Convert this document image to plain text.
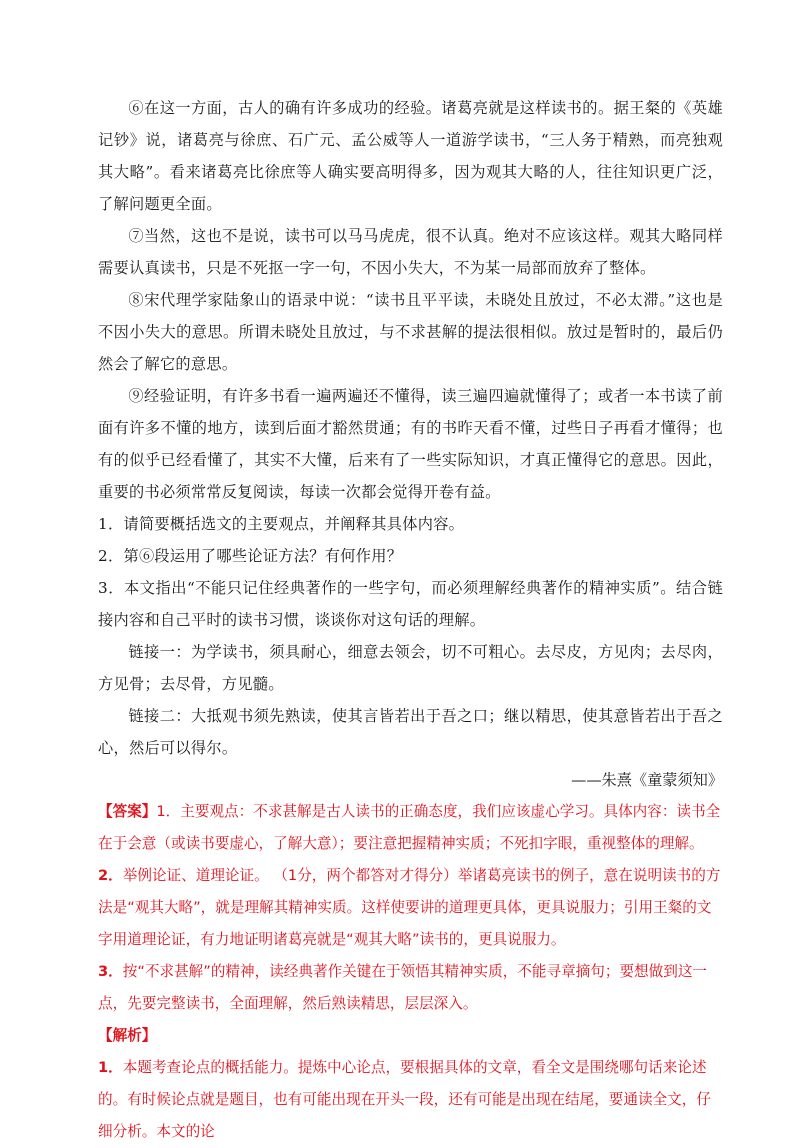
⑥在这一方面，古人的确有许多成功的经验。诸葛亮就是这样读书的。据王粲的《英雄记钞》说，诸葛亮与徐庶、石广元、孟公威等人一道游学读书，“三人务于精熟，而亮独观其大略”。看来诸葛亮比徐庶等人确实要高明得多，因为观其大略的人，往往知识更广泛，了解问题更全面。

⑦当然，这也不是说，读书可以马马虎虎，很不认真。绝对不应该这样。观其大略同样需要认真读书，只是不死抠一字一句，不因小失大，不为某一局部而放弃了整体。

⑧宋代理学家陆象山的语录中说：“读书且平平读，未晓处且放过，不必太滞。”这也是不因小失大的意思。所谓未晓处且放过，与不求甚解的提法很相似。放过是暂时的，最后仍然会了解它的意思。

⑨经验证明，有许多书看一遍两遍还不懂得，读三遍四遍就懂得了；或者一本书读了前面有许多不懂的地方，读到后面才豁然贯通；有的书昨天看不懂，过些日子再看才懂得；也有的似乎已经看懂了，其实不大懂，后来有了一些实际知识，才真正懂得它的意思。因此，重要的书必须常常反复阅读，每读一次都会觉得开卷有益。

1．请简要概括选文的主要观点，并阐释其具体内容。

2．第⑥段运用了哪些论证方法？有何作用？

3．本文指出“不能只记住经典著作的一些字句，而必须理解经典著作的精神实质”。结合链接内容和自己平时的读书习惯，谈谈你对这句话的理解。

链接一：为学读书，须具耐心，细意去领会，切不可粗心。去尽皮，方见肉；去尽肉，方见骨；去尽骨，方见髓。

链接二：大抵观书须先熟读，使其言皆若出于吾之口；继以精思，使其意皆若出于吾之心，然后可以得尔。

——朱熹《童蒙须知》

【答案】1．主要观点：不求甚解是古人读书的正确态度，我们应该虚心学习。具体内容：读书全在于会意（或读书要虚心，了解大意）；要注意把握精神实质；不死扣字眼，重视整体的理解。

2．举例论证、道理论证。 （1分，两个都答对才得分）举诸葛亮读书的例子，意在说明读书的方法是“观其大略”，就是理解其精神实质。这样使要讲的道理更具体，更具说服力；引用王粲的文字用道理论证，有力地证明诸葛亮就是“观其大略”读书的，更具说服力。

3．按“不求甚解”的精神，读经典著作关键在于领悟其精神实质，不能寻章摘句；要想做到这一点，先要完整读书，全面理解，然后熟读精思，层层深入。

【解析】

1．本题考查论点的概括能力。提炼中心论点，要根据具体的文章，看全文是围绕哪句话来论述的。有时候论点就是题目，也有可能出现在开头一段，还有可能是出现在结尾，要通读全文，仔细分析。本文的论
